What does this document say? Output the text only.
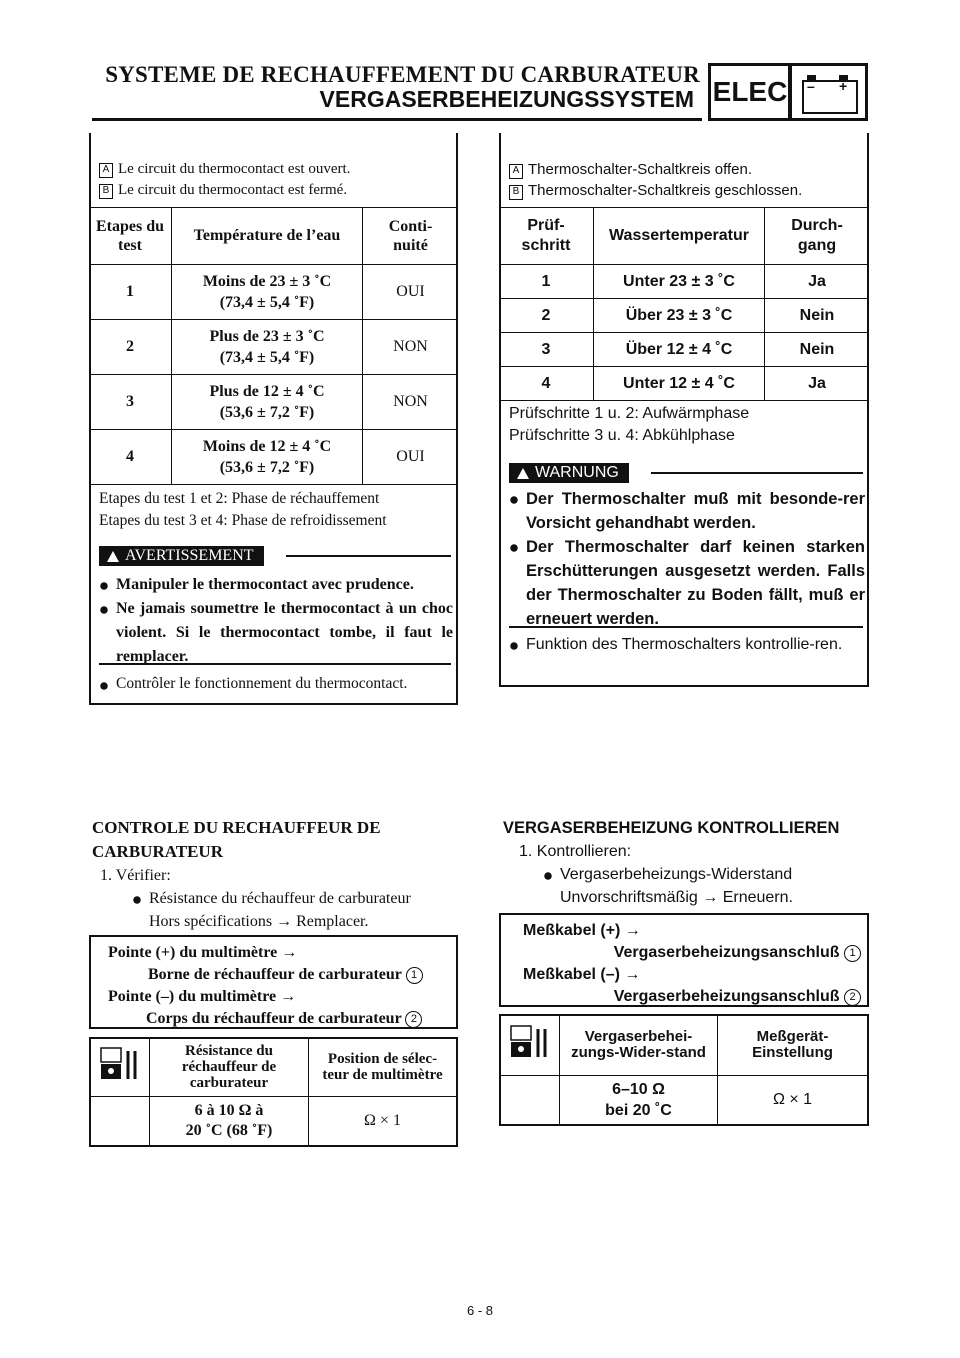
SYSTEME DE RECHAUFFEMENT DU CARBURATEUR
VERGASERBEHEIZUNGSSYSTEM ELEC	– +
A Le circuit du thermocontact est ouvert.
B Le circuit du thermocontact est fermé.
Etapes du test	Température de l’eau	Conti-
nuité
1	Moins de 23 ± 3 ˚C
(73,4 ± 5,4 ˚F)	OUI
2	Plus de 23 ± 3 ˚C
(73,4 ± 5,4 ˚F)	NON
3	Plus de 12 ± 4 ˚C
(53,6 ± 7,2 ˚F)	NON
4	Moins de 12 ± 4 ˚C
(53,6 ± 7,2 ˚F)	OUI
Etapes du test 1 et 2: Phase de réchauffement
Etapes du test 3 et 4: Phase de refroidissement
AVERTISSEMENT
Manipuler le thermocontact avec prudence.
Ne jamais soumettre le thermocontact à un choc violent. Si le thermocontact tombe, il faut le remplacer.
Contrôler le fonctionnement du thermocontact.
A Thermoschalter-Schaltkreis offen.
B Thermoschalter-Schaltkreis geschlossen.
Prüf-
schritt	Wassertemperatur	Durch-
gang
1	Unter 23 ± 3 ˚C	Ja
2	Über 23 ± 3 ˚C	Nein
3	Über 12 ± 4 ˚C	Nein
4	Unter 12 ± 4 ˚C	Ja
Prüfschritte 1 u. 2: Aufwärmphase
Prüfschritte 3 u. 4: Abkühlphase
WARNUNG
Der Thermoschalter muß mit besonde-rer Vorsicht gehandhabt werden.
Der Thermoschalter darf keinen starken Erschütterungen ausgesetzt werden. Falls der Thermoschalter zu Boden fällt, muß er erneuert werden.
Funktion des Thermoschalters kontrollie-ren.
CONTROLE DU RECHAUFFEUR DE
CARBURATEUR
1. Vérifier:
Résistance du réchauffeur de carburateur
Hors spécifications → Remplacer.
Pointe (+) du multimètre →
Borne de réchauffeur de carburateur 1
Pointe (–) du multimètre →
Corps du réchauffeur de carburateur 2
	Résistance du réchauffeur de carburateur	Position de sélec-teur de multimètre

	6 à 10 Ω à
20 ˚C (68 ˚F)	Ω × 1
VERGASERBEHEIZUNG KONTROLLIEREN
1. Kontrollieren:
Vergaserbeheizungs-Widerstand
Unvorschriftsmäßig → Erneuern.
Meßkabel (+) →
Vergaserbeheizungsanschluß 1
Meßkabel (–) →
Vergaserbeheizungsanschluß 2
	Vergaserbehei-zungs-Wider-stand	Meßgerät-Einstellung

	6–10 Ω
bei 20 ˚C	Ω × 1
6 - 8
